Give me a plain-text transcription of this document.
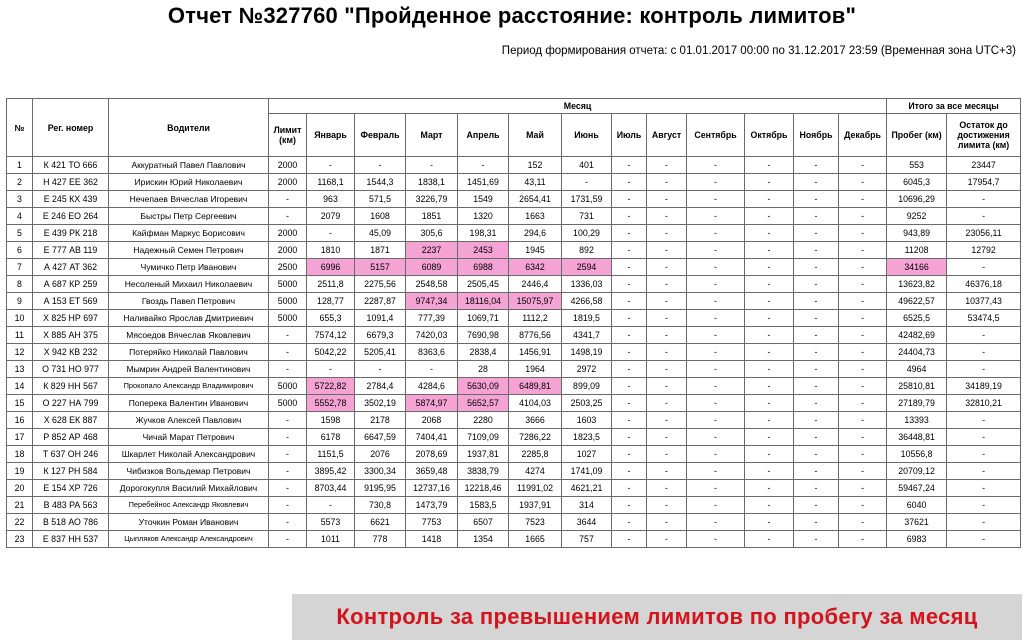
Отчет №327760 "Пройденное расстояние: контроль лимитов"
Период формирования отчета: с 01.01.2017 00:00 по 31.12.2017 23:59 (Временная зона UTC+3)
№	Рег. номер	Водители	Месяц													Итого за все месяцы	
			Лимит (км)	Январь	Февраль	Март	Апрель	Май	Июнь	Июль	Август	Сентябрь	Октябрь	Ноябрь	Декабрь	Пробег (км)	Остаток до достижения лимита (км)
1	К 421 ТО 666	Аккуратный Павел Павлович	2000	-	-	-	-	152	401	-	-	-	-	-	-	553	23447
2	Н 427 ЕЕ 362	Ирискин Юрий Николаевич	2000	1168,1	1544,3	1838,1	1451,69	43,11	-	-	-	-	-	-	-	6045,3	17954,7
3	Е 245 КХ 439	Нечепаев Вячеслав Игоревич	-	963	571,5	3226,79	1549	2654,41	1731,59	-	-	-	-	-	-	10696,29	-
4	Е 246 ЕО 264	Быстры Петр Сергеевич	-	2079	1608	1851	1320	1663	731	-	-	-	-	-	-	9252	-
5	Е 439 РК 218	Кайфман Маркус Борисович	2000	-	45,09	305,6	198,31	294,6	100,29	-	-	-	-	-	-	943,89	23056,11
6	Е 777 АВ 119	Надежный Семен Петрович	2000	1810	1871	2237	2453	1945	892	-	-	-	-	-	-	11208	12792
7	А 427 АТ 362	Чумичко Петр Иванович	2500	6996	5157	6089	6988	6342	2594	-	-	-	-	-	-	34166	-
8	А 687 КР 259	Несоленый Михаил Николаевич	5000	2511,8	2275,56	2548,58	2505,45	2446,4	1336,03	-	-	-	-	-	-	13623,82	46376,18
9	А 153 ЕТ 569	Гвоздь Павел Петрович	5000	128,77	2287,87	9747,34	18116,04	15075,97	4266,58	-	-	-	-	-	-	49622,57	10377,43
10	Х 825 НР 697	Наливайко Ярослав Дмитриевич	5000	655,3	1091,4	777,39	1069,71	1112,2	1819,5	-	-	-	-	-	-	6525,5	53474,5
11	Х 885 АН 375	Мясоедов Вячеслав Яковлевич	-	7574,12	6679,3	7420,03	7690,98	8776,56	4341,7	-	-	-	-	-	-	42482,69	-
12	Х 942 КВ 232	Потеряйко Николай Павлович	-	5042,22	5205,41	8363,6	2838,4	1456,91	1498,19	-	-	-	-	-	-	24404,73	-
13	О 731 НО 977	Мымрин Андрей Валентинович	-	-	-	-	28	1964	2972	-	-	-	-	-	-	4964	-
14	К 829 НН 567	Прокопало Александр Владимирович	5000	5722,82	2784,4	4284,6	5630,09	6489,81	899,09	-	-	-	-	-	-	25810,81	34189,19
15	О 227 НА 799	Поперека Валентин Иванович	5000	5552,78	3502,19	5874,97	5652,57	4104,03	2503,25	-	-	-	-	-	-	27189,79	32810,21
16	Х 628 ЕК 887	Жучков Алексей Павлович	-	1598	2178	2068	2280	3666	1603	-	-	-	-	-	-	13393	-
17	Р 852 АР 468	Чичай Марат Петрович	-	6178	6647,59	7404,41	7109,09	7286,22	1823,5	-	-	-	-	-	-	36448,81	-
18	Т 637 ОН 246	Шкарлет Николай Александрович	-	1151,5	2076	2078,69	1937,81	2285,8	1027	-	-	-	-	-	-	10556,8	-
19	К 127 РН 584	Чибизков Вольдемар Петрович	-	3895,42	3300,34	3659,48	3838,79	4274	1741,09	-	-	-	-	-	-	20709,12	-
20	Е 154 ХР 726	Дорогокупля Василий Михайлович	-	8703,44	9195,95	12737,16	12218,46	11991,02	4621,21	-	-	-	-	-	-	59467,24	-
21	В 483 РА 563	Перебейнос Александр Яковлевич	-	-	730,8	1473,79	1583,5	1937,91	314	-	-	-	-	-	-	6040	-
22	В 518 АО 786	Уточкин Роман Иванович	-	5573	6621	7753	6507	7523	3644	-	-	-	-	-	-	37621	-
23	Е 837 НН 537	Цыпляков Александр Александрович	-	1011	778	1418	1354	1665	757	-	-	-	-	-	-	6983	-
Контроль за превышением лимитов по пробегу за месяц
